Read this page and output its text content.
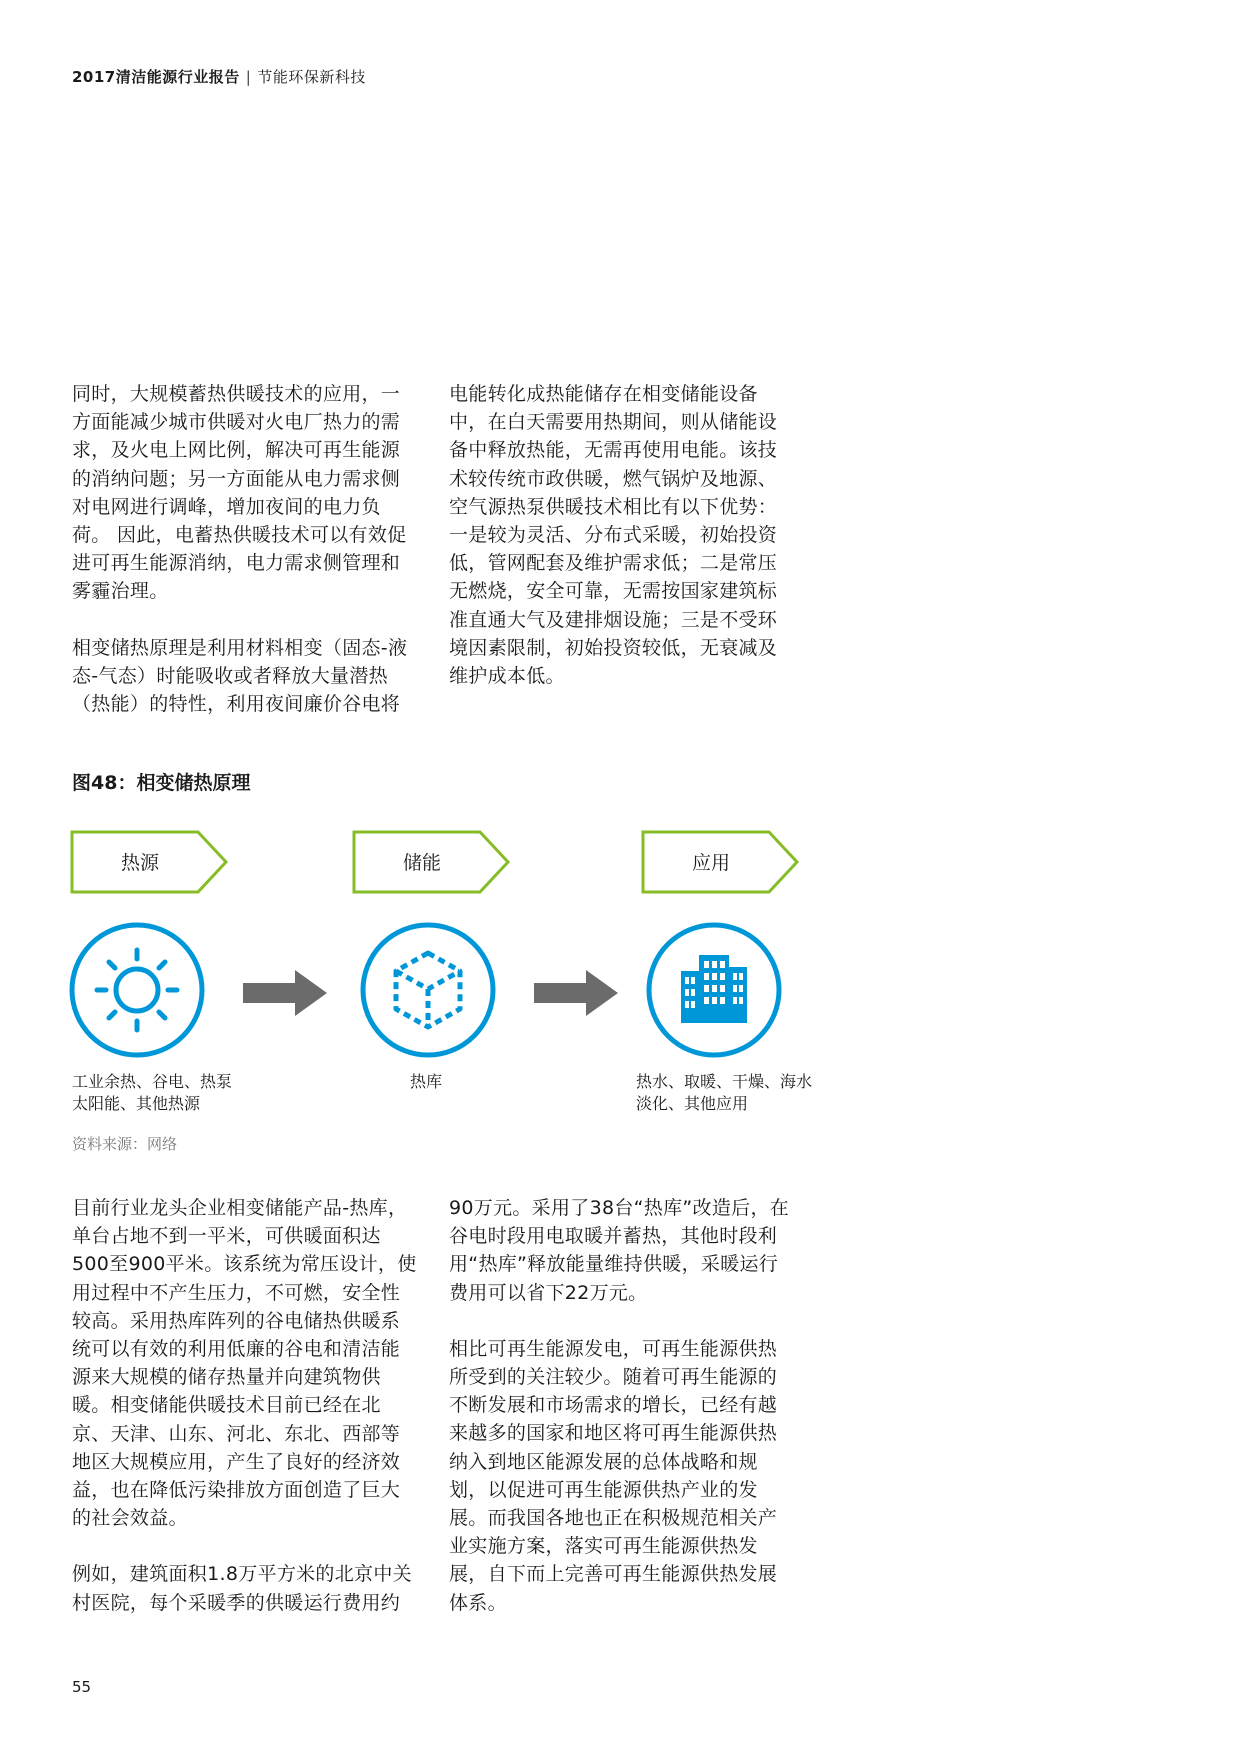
2017清洁能源行业报告 | 节能环保新科技

同时，大规模蓄热供暖技术的应用，一方面能减少城市供暖对火电厂热力的需求，及火电上网比例，解决可再生能源的消纳问题；另一方面能从电力需求侧对电网进行调峰，增加夜间的电力负荷。 因此，电蓄热供暖技术可以有效促进可再生能源消纳，电力需求侧管理和雾霾治理。

相变储热原理是利用材料相变（固态-液态-气态）时能吸收或者释放大量潜热（热能）的特性，利用夜间廉价谷电将

电能转化成热能储存在相变储能设备中，在白天需要用热期间，则从储能设备中释放热能，无需再使用电能。该技术较传统市政供暖，燃气锅炉及地源、空气源热泵供暖技术相比有以下优势：一是较为灵活、分布式采暖，初始投资低，管网配套及维护需求低；二是常压无燃烧，安全可靠，无需按国家建筑标准直通大气及建排烟设施；三是不受环境因素限制，初始投资较低，无衰减及维护成本低。

图48：相变储热原理
热源	储能	应用
工业余热、谷电、热泵
太阳能、其他热源
热库	热水、取暖、干燥、海水
淡化、其他应用
资料来源：网络

目前行业龙头企业相变储能产品-热库，单台占地不到一平米，可供暖面积达500至900平米。该系统为常压设计，使用过程中不产生压力，不可燃，安全性较高。采用热库阵列的谷电储热供暖系统可以有效的利用低廉的谷电和清洁能源来大规模的储存热量并向建筑物供暖。相变储能供暖技术目前已经在北京、天津、山东、河北、东北、西部等地区大规模应用，产生了良好的经济效益，也在降低污染排放方面创造了巨大的社会效益。

例如，建筑面积1.8万平方米的北京中关村医院，每个采暖季的供暖运行费用约

90万元。采用了38台“热库”改造后，在谷电时段用电取暖并蓄热，其他时段利用“热库”释放能量维持供暖，采暖运行费用可以省下22万元。

相比可再生能源发电，可再生能源供热所受到的关注较少。随着可再生能源的不断发展和市场需求的增长，已经有越来越多的国家和地区将可再生能源供热纳入到地区能源发展的总体战略和规划，以促进可再生能源供热产业的发展。而我国各地也正在积极规范相关产业实施方案，落实可再生能源供热发展，自下而上完善可再生能源供热发展体系。

55
